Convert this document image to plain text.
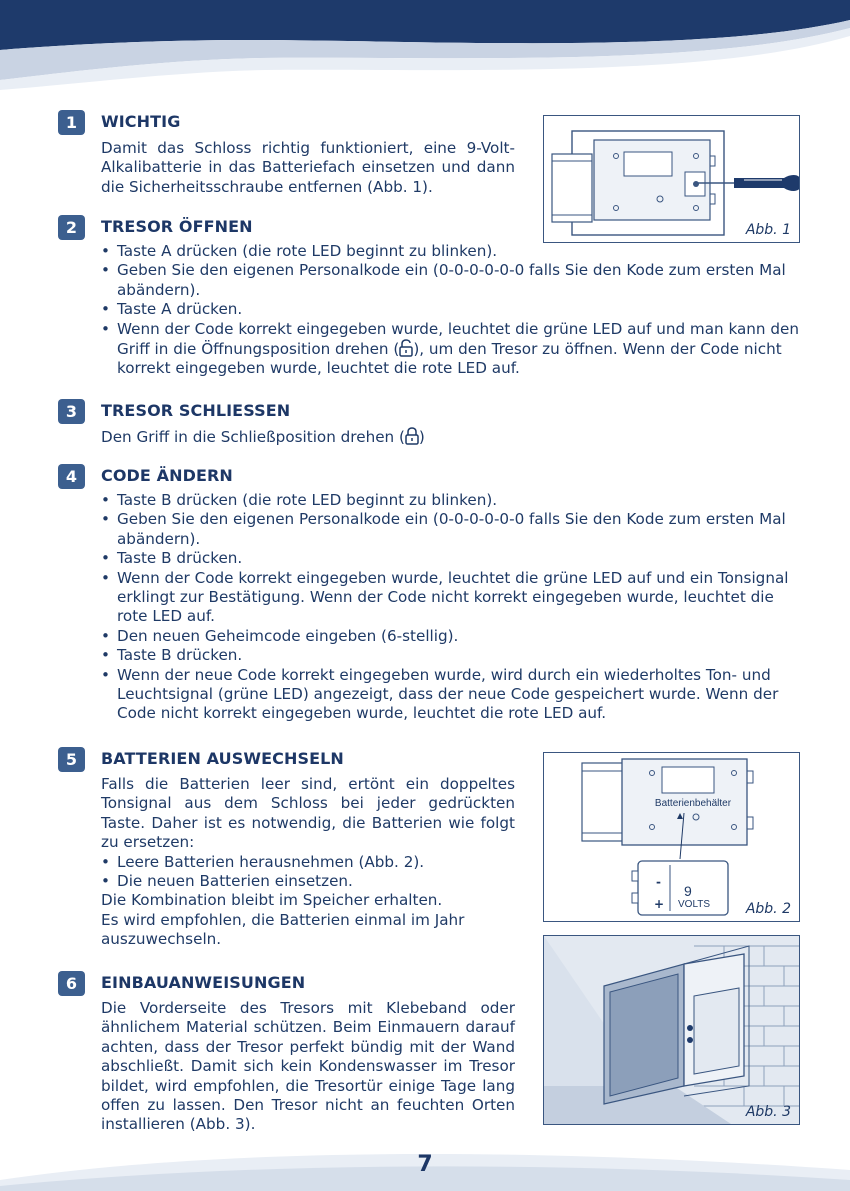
1	WICHTIG
Damit das Schloss richtig funktioniert, eine 9-Volt-Alkalibatterie in das Batteriefach einsetzen und dann die Sicherheitsschraube entfernen (Abb. 1).
Abb. 1
2	TRESOR ÖFFNEN
• Taste A drücken (die rote LED beginnt zu blinken).
• Geben Sie den eigenen Personalkode ein (0-0-0-0-0-0 falls Sie den Kode zum ersten Mal abändern).
• Taste A drücken.
• Wenn der Code korrekt eingegeben wurde, leuchtet die grüne LED auf und man kann den Griff in die Öffnungsposition drehen ( ), um den Tresor zu öffnen. Wenn der Code nicht korrekt eingegeben wurde, leuchtet die rote LED auf.
3	TRESOR SCHLIESSEN
Den Griff in die Schließposition drehen ( )
4	CODE ÄNDERN
• Taste B drücken (die rote LED beginnt zu blinken).
• Geben Sie den eigenen Personalkode ein (0-0-0-0-0-0 falls Sie den Kode zum ersten Mal abändern).
• Taste B drücken.
• Wenn der Code korrekt eingegeben wurde, leuchtet die grüne LED auf und ein Tonsignal erklingt zur Bestätigung. Wenn der Code nicht korrekt eingegeben wurde, leuchtet die rote LED auf.
• Den neuen Geheimcode eingeben (6-stellig).
• Taste B drücken.
• Wenn der neue Code korrekt eingegeben wurde, wird durch ein wiederholtes Ton- und Leuchtsignal (grüne LED) angezeigt, dass der neue Code gespeichert wurde. Wenn der Code nicht korrekt eingegeben wurde, leuchtet die rote LED auf.
5	BATTERIEN AUSWECHSELN
Falls die Batterien leer sind, ertönt ein doppeltes Tonsignal aus dem Schloss bei jeder gedrückten Taste. Daher ist es notwendig, die Batterien wie folgt zu ersetzen:
• Leere Batterien herausnehmen (Abb. 2).
• Die neuen Batterien einsetzen.
Die Kombination bleibt im Speicher erhalten.
Es wird empfohlen, die Batterien einmal im Jahr auszuwechseln.
Batterienbehälter
-
+
9
VOLTS	Abb. 2
6	EINBAUANWEISUNGEN
Die Vorderseite des Tresors mit Klebeband oder ähnlichem Material schützen. Beim Einmauern darauf achten, dass der Tresor perfekt bündig mit der Wand abschließt. Damit sich kein Kondenswasser im Tresor bildet, wird empfohlen, die Tresortür einige Tage lang offen zu lassen. Den Tresor nicht an feuchten Orten installieren (Abb. 3).
Abb. 3
7
